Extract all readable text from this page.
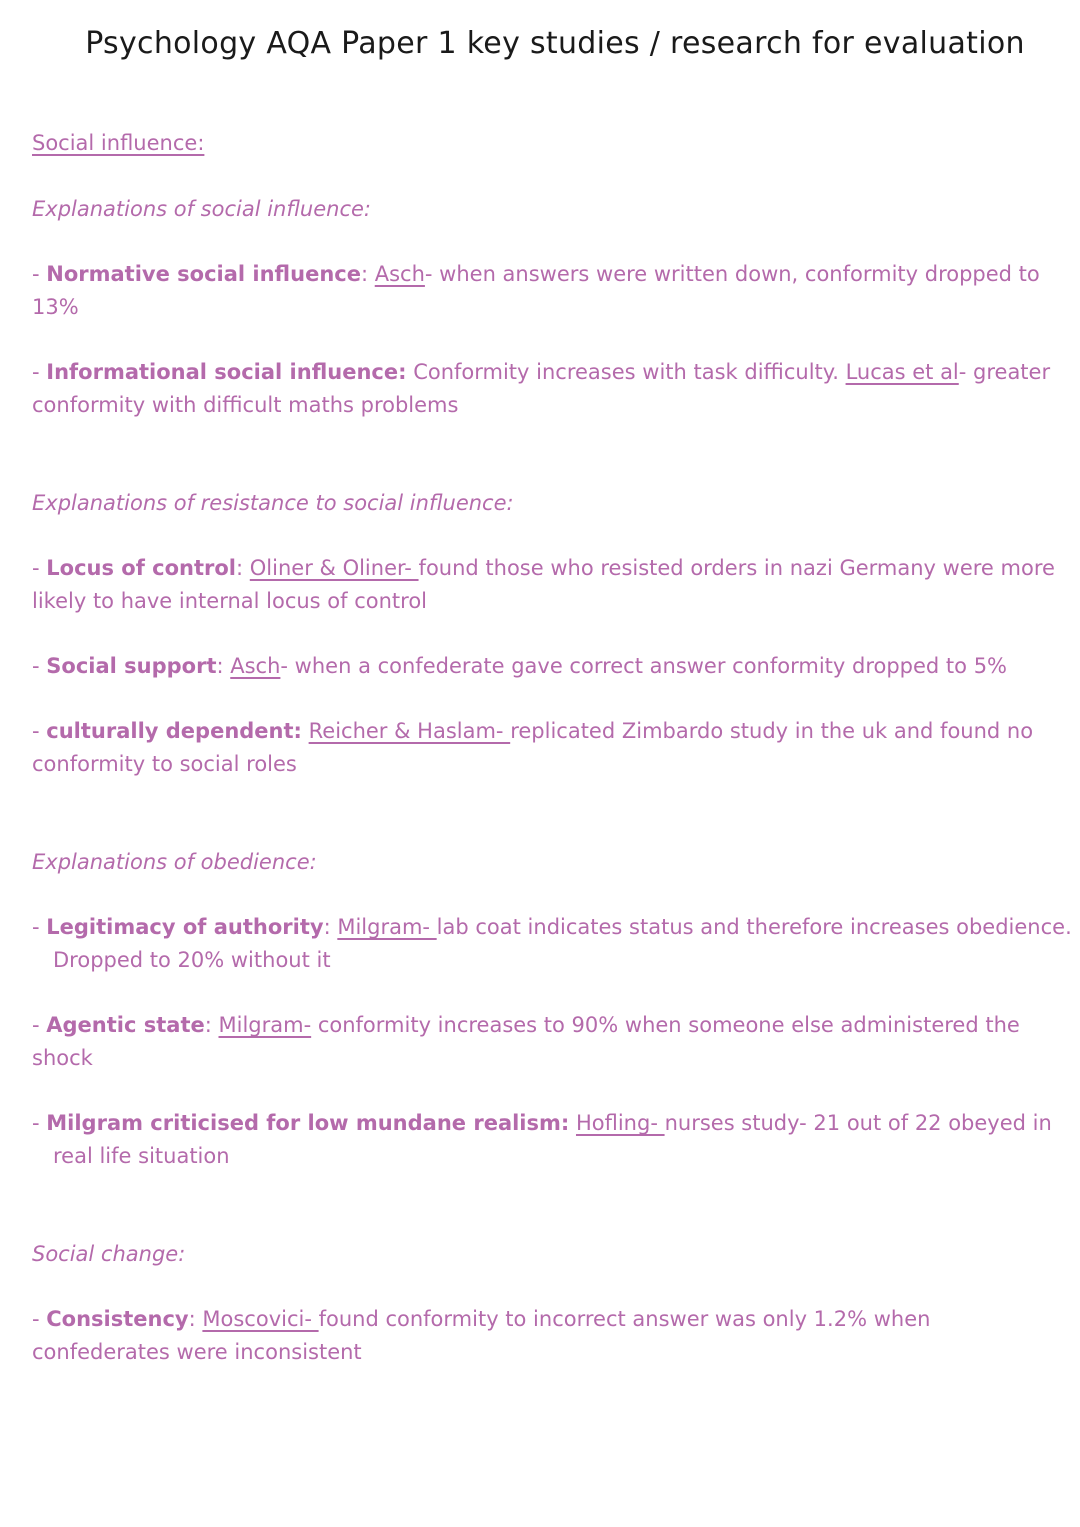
Psychology AQA Paper 1 key studies / research for evaluation
Social influence:
Explanations of social influence:
- Normative social influence: Asch- when answers were written down, conformity dropped to 13%
- Informational social influence: Conformity increases with task difficulty. Lucas et al- greater conformity with difficult maths problems
Explanations of resistance to social influence:
- Locus of control: Oliner & Oliner- found those who resisted orders in nazi Germany were more likely to have internal locus of control
- Social support: Asch- when a confederate gave correct answer conformity dropped to 5%
- culturally dependent: Reicher & Haslam- replicated Zimbardo study in the uk and found no conformity to social roles
Explanations of obedience:
- Legitimacy of authority: Milgram- lab coat indicates status and therefore increases obedience. Dropped to 20% without it
- Agentic state: Milgram- conformity increases to 90% when someone else administered the shock
- Milgram criticised for low mundane realism: Hofling- nurses study- 21 out of 22 obeyed in real life situation
Social change:
- Consistency: Moscovici- found conformity to incorrect answer was only 1.2% when confederates were inconsistent
